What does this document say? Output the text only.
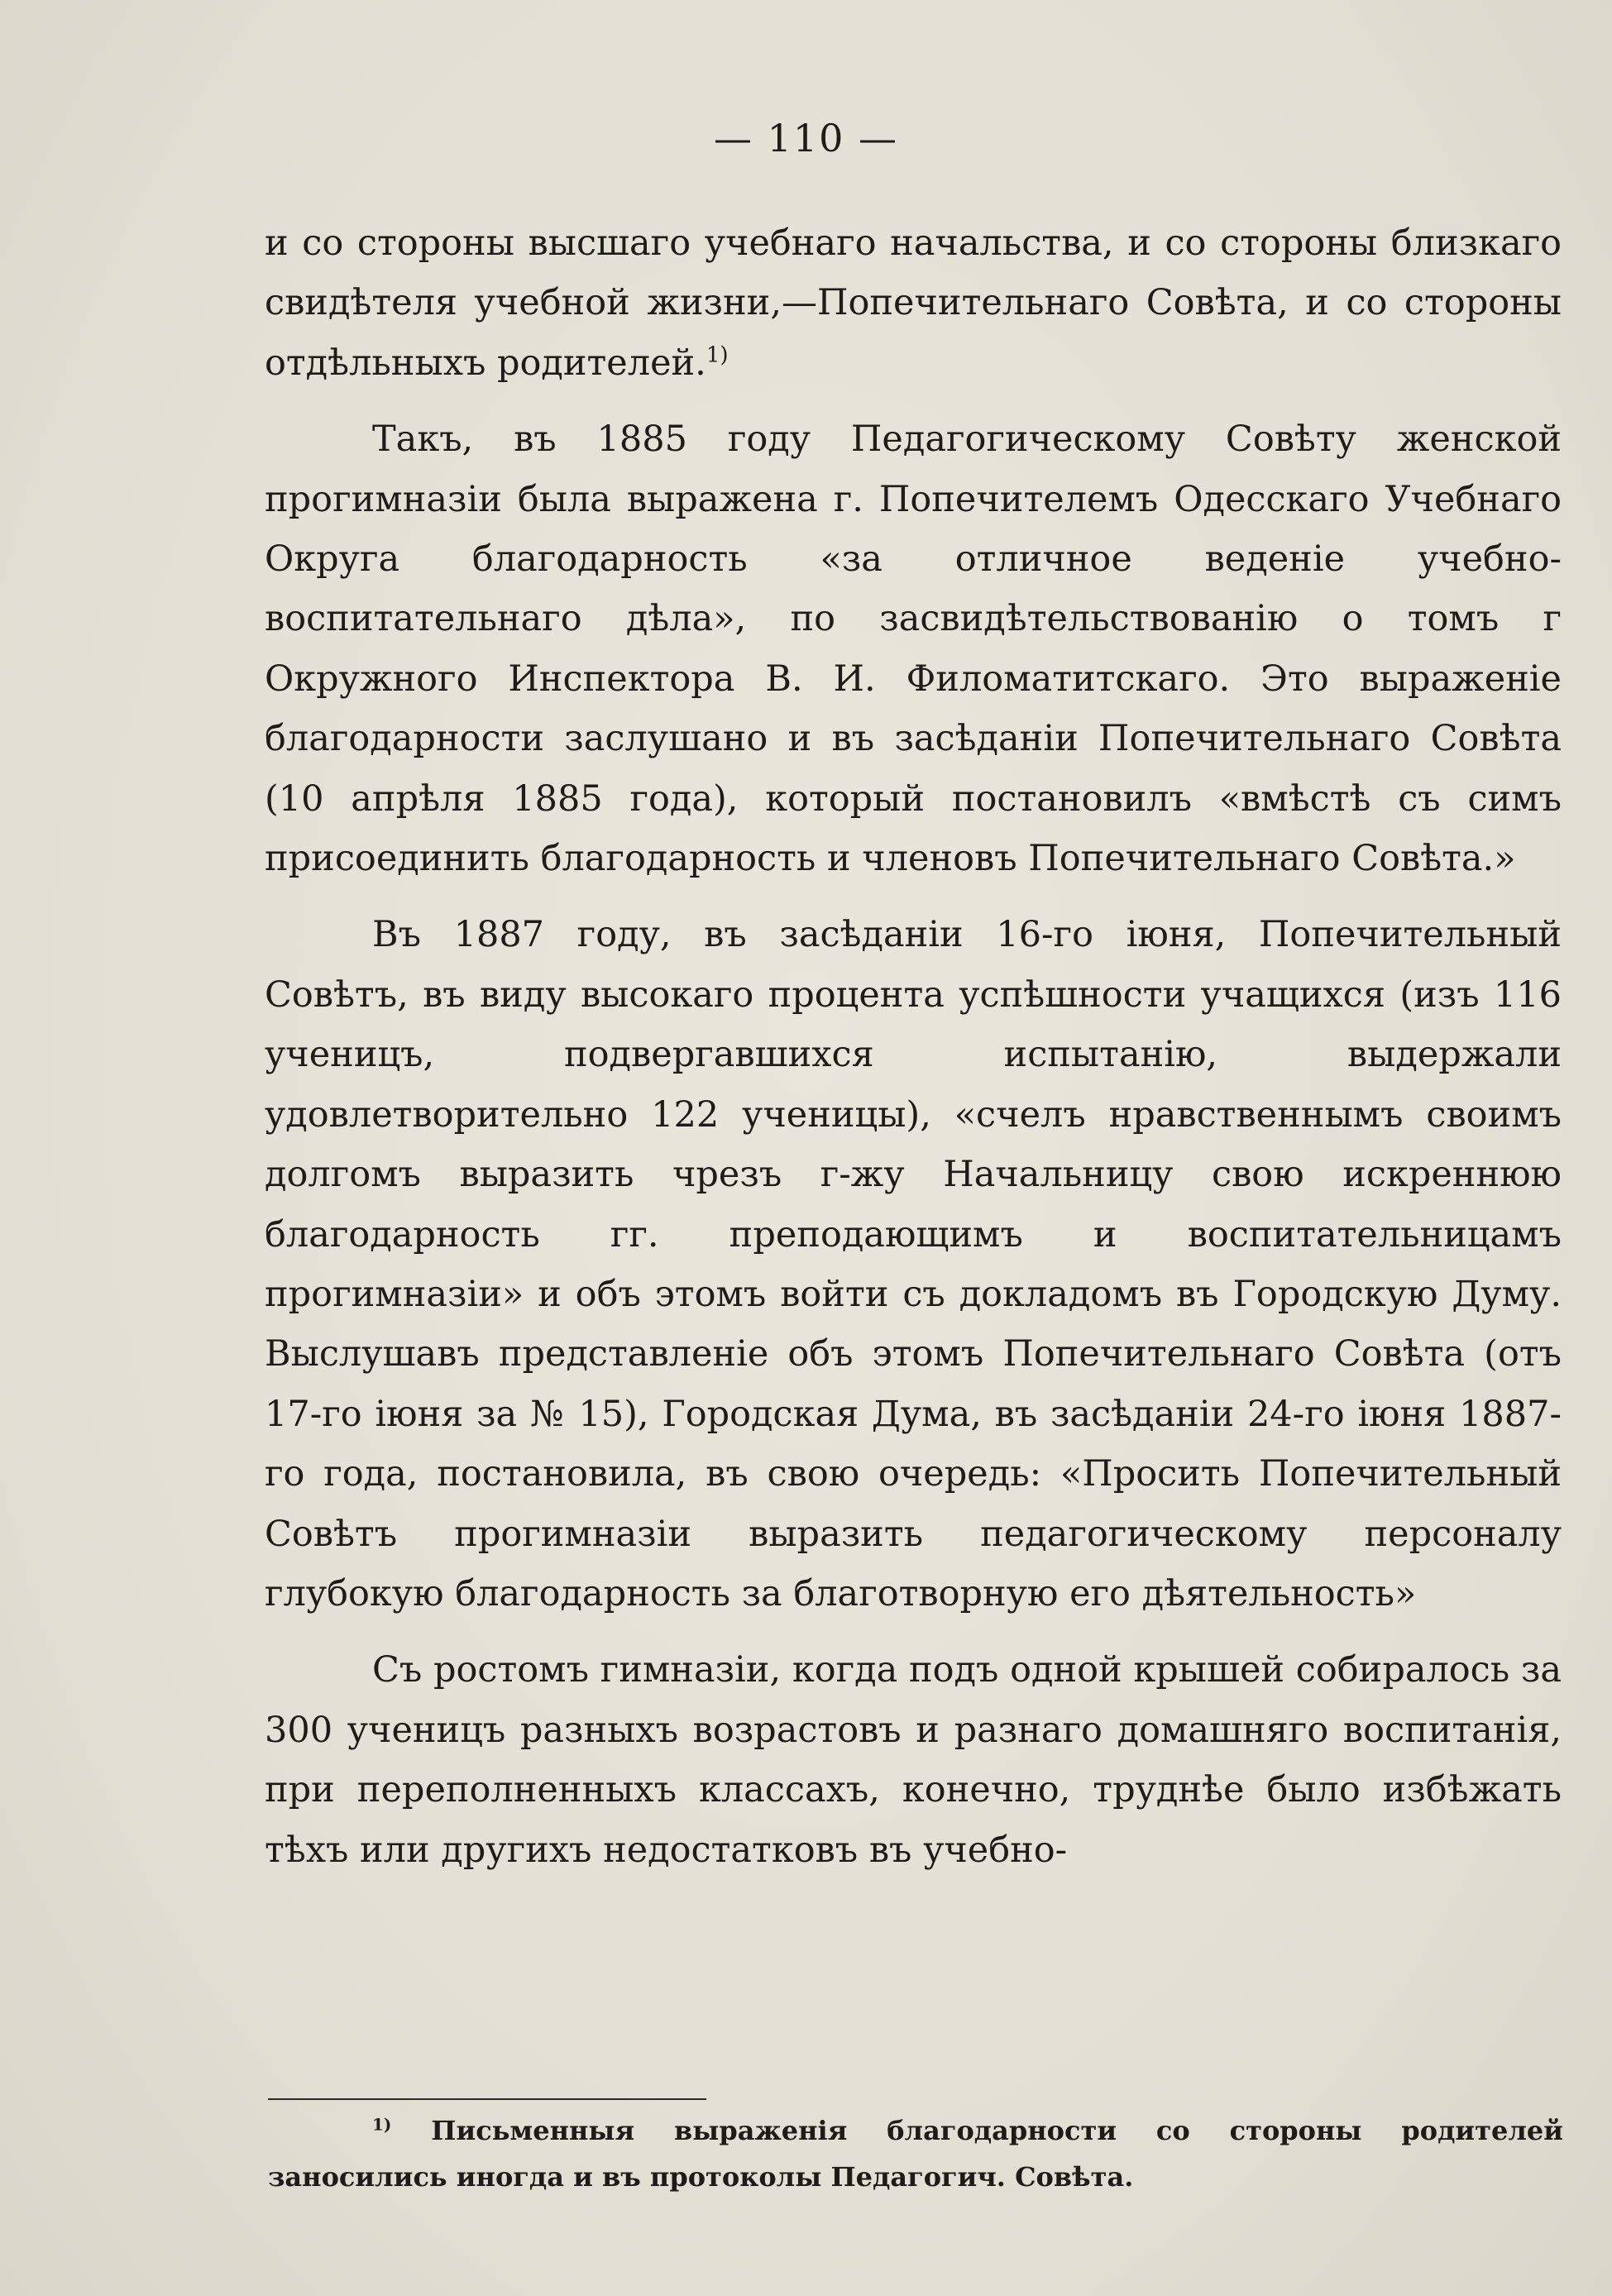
— 110 —

и со стороны высшаго учебнаго начальства, и со стороны близкаго свидѣтеля учебной жизни,—Попечительнаго Совѣта, и со стороны отдѣльныхъ родителей.$^{1)}$

Такъ, въ 1885 году Педагогическому Совѣту женской прогимназіи была выражена г. Попечителемъ Одесскаго Учебнаго Округа благодарность «за отличное веденіе учебно-воспитательнаго дѣла», по засвидѣтельствованію о томъ г Окружного Инспектора В. И. Филоматитскаго. Это выраженіе благодарности заслушано и въ засѣданіи Попечительнаго Совѣта (10 апрѣля 1885 года), который постановилъ «вмѣстѣ съ симъ присоединить благодарность и членовъ Попечительнаго Совѣта.»

Въ 1887 году, въ засѣданіи 16-го іюня, Попечительный Совѣтъ, въ виду высокаго процента успѣшности учащихся (изъ 116 ученицъ, подвергавшихся испытанію, выдержали удовлетворительно 122 ученицы), «счелъ нравственнымъ своимъ долгомъ выразить чрезъ г-жу Начальницу свою искреннюю благодарность гг. преподающимъ и воспитательницамъ прогимназіи» и объ этомъ войти съ докладомъ въ Городскую Думу. Выслушавъ представленіе объ этомъ Попечительнаго Совѣта (отъ 17-го іюня за № 15), Городская Дума, въ засѣданіи 24-го іюня 1887-го года, постановила, въ свою очередь: «Просить Попечительный Совѣтъ прогимназіи выразить педагогическому персоналу глубокую благодарность за благотворную его дѣятельность»

Съ ростомъ гимназіи, когда подъ одной крышей собиралось за 300 ученицъ разныхъ возрастовъ и разнаго домашняго воспитанія, при переполненныхъ классахъ, конечно, труднѣе было избѣжать тѣхъ или другихъ недостатковъ въ учебно-

$^{1)}$ Письменныя выраженія благодарности со стороны родителей заносились иногда и въ протоколы Педагогич. Совѣта.
